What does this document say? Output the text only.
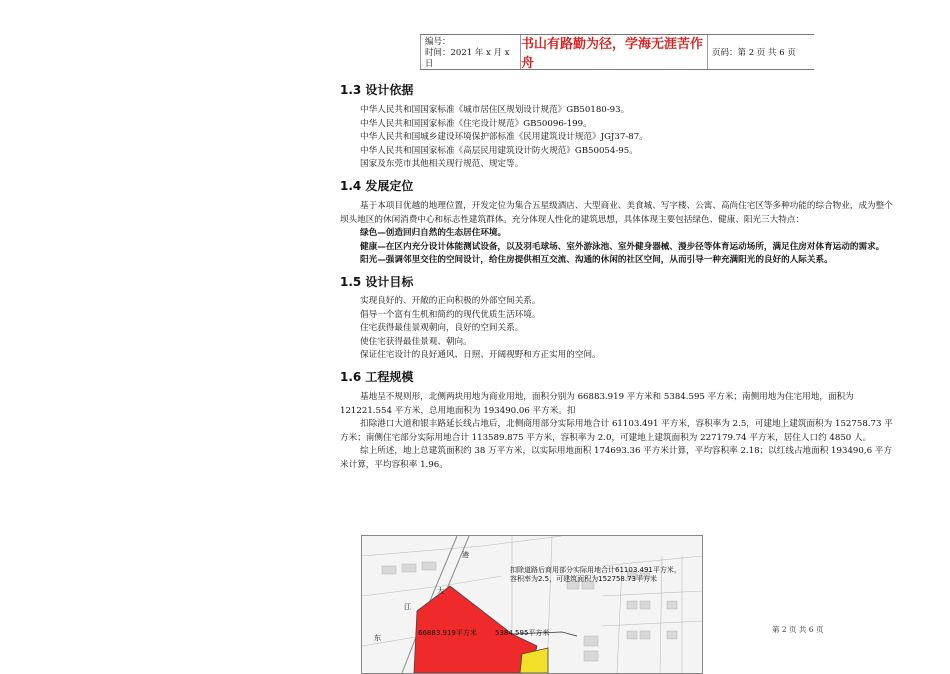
编号：
时间：2021 年 x 月 x 日
书山有路勤为径，学海无涯苦作舟
页码：第 2 页 共 6 页
1.3 设计依据

中华人民共和国国家标准《城市居住区规划设计规范》GB50180-93。

中华人民共和国国家标准《住宅设计规范》GB50096-199。

中华人民共和国城乡建设环境保护部标准《民用建筑设计规范》JGJ37-87。

中华人民共和国国家标准《高层民用建筑设计防火规范》GB50054-95。

国家及东莞市其他相关现行规范、规定等。

1.4 发展定位

基于本项目优越的地理位置，开发定位为集合五星级酒店、大型商业、美食城、写字楼、公寓、高尚住宅区等多种功能的综合物业，成为整个坝头地区的休闲消费中心和标志性建筑群体。充分体现人性化的建筑思想，具体体现主要包括绿色、健康、阳光三大特点：

绿色—创造回归自然的生态居住环境。

健康—在区内充分设计体能测试设备，以及羽毛球场、室外游泳池、室外健身器械、漫步径等体育运动场所，满足住房对体育运动的需求。

阳光—强调邻里交往的空间设计，给住房提供相互交流、沟通的休闲的社区空间，从而引导一种充满阳光的良好的人际关系。

1.5 设计目标

实现良好的、开敞的正向积极的外部空间关系。

倡导一个富有生机和简约的现代优质生活环境。

住宅获得最佳景观朝向，良好的空间关系。

使住宅获得最佳景观、朝向。

保证住宅设计的良好通风、日照、开阔视野和方正实用的空间。

1.6 工程规模

基地呈不规则形，北侧两块用地为商业用地，面积分别为 66883.919 平方米和 5384.595 平方米；南侧用地为住宅用地，面积为 121221.554 平方米，总用地面积为 193490.06 平方米。扣

扣除港口大道和银丰路延长线占地后，北侧商用部分实际用地合计 61103.491 平方米，容积率为 2.5，可建地上建筑面积为 152758.73 平方米；南侧住宅部分实际用地合计 113589.875 平方米，容积率为 2.0，可建地上建筑面积为 227179.74 平方米，居住人口约 4850 人。

综上所述，地上总建筑面积约 38 万平方米，以实际用地面积 174693.36 平方米计算，平均容积率 2.18；以红线占地面积 193490,6 平方米计算，平均容积率 1.96。

扣除道路后商用部分实际用地合计61103.491平方米，
容积率为2.5，可建筑面积为152758.73平方米
66883.919平方米	5384.595平方米
港
大
江
东
第 2 页 共 6 页
